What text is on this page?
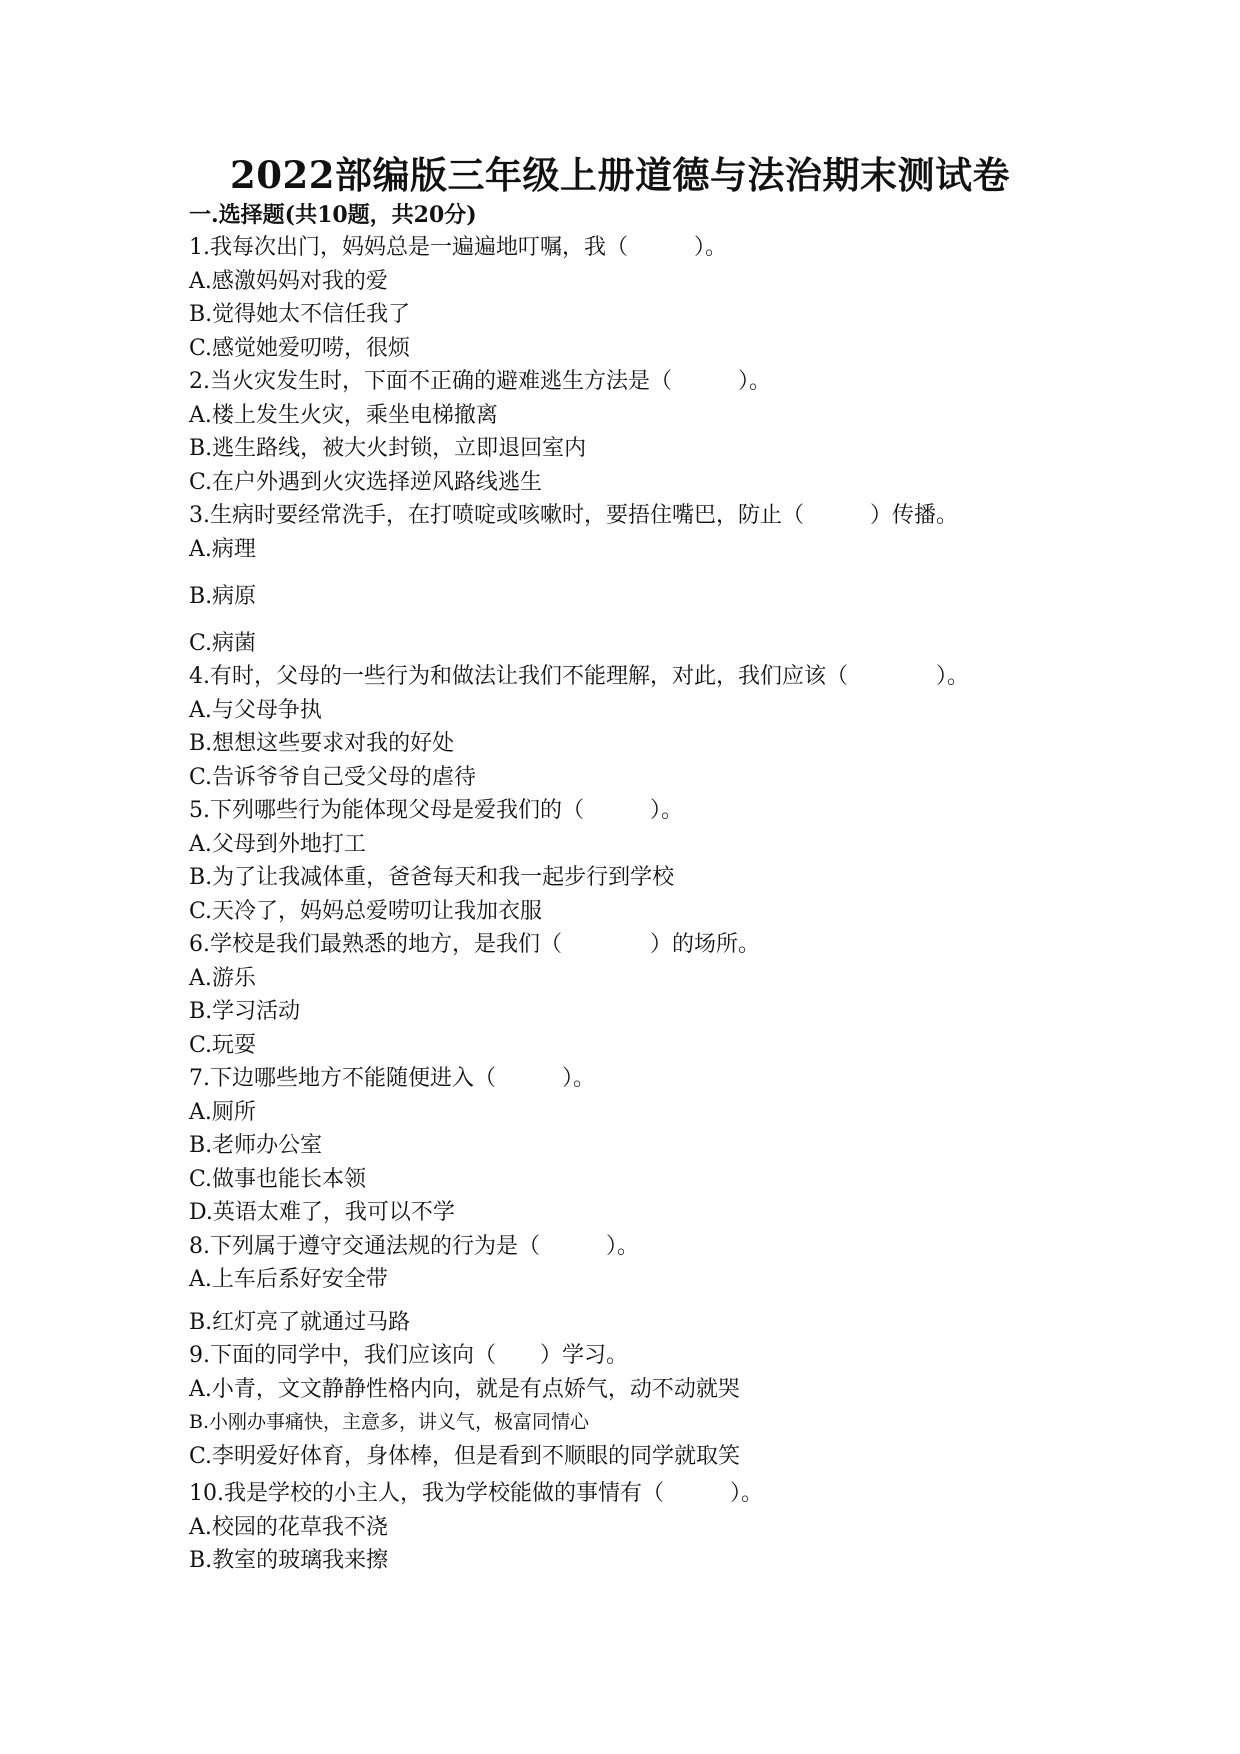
2022部编版三年级上册道德与法治期末测试卷
一.选择题(共10题，共20分)
1.我每次出门，妈妈总是一遍遍地叮嘱，我（　　　）。
A.感激妈妈对我的爱
B.觉得她太不信任我了
C.感觉她爱叨唠，很烦
2.当火灾发生时，下面不正确的避难逃生方法是（　　　）。
A.楼上发生火灾，乘坐电梯撤离
B.逃生路线，被大火封锁，立即退回室内
C.在户外遇到火灾选择逆风路线逃生
3.生病时要经常洗手，在打喷啶或咳嗽时，要捂住嘴巴，防止（　　　）传播。
A.病理
B.病原
C.病菌
4.有时，父母的一些行为和做法让我们不能理解，对此，我们应该（　　　　）。
A.与父母争执
B.想想这些要求对我的好处
C.告诉爷爷自己受父母的虐待
5.下列哪些行为能体现父母是爱我们的（　　　）。
A.父母到外地打工
B.为了让我减体重，爸爸每天和我一起步行到学校
C.天冷了，妈妈总爱唠叨让我加衣服
6.学校是我们最熟悉的地方，是我们（　　　　）的场所。
A.游乐
B.学习活动
C.玩耍
7.下边哪些地方不能随便进入（　　　）。
A.厕所
B.老师办公室
C.做事也能长本领
D.英语太难了，我可以不学
8.下列属于遵守交通法规的行为是（　　　）。
A.上车后系好安全带
B.红灯亮了就通过马路
9.下面的同学中，我们应该向（　　）学习。
A.小青，文文静静性格内向，就是有点娇气，动不动就哭
B.小刚办事痛快，主意多，讲义气，极富同情心
C.李明爱好体育，身体棒，但是看到不顺眼的同学就取笑
10.我是学校的小主人，我为学校能做的事情有（　　　）。
A.校园的花草我不浇
B.教室的玻璃我来擦
